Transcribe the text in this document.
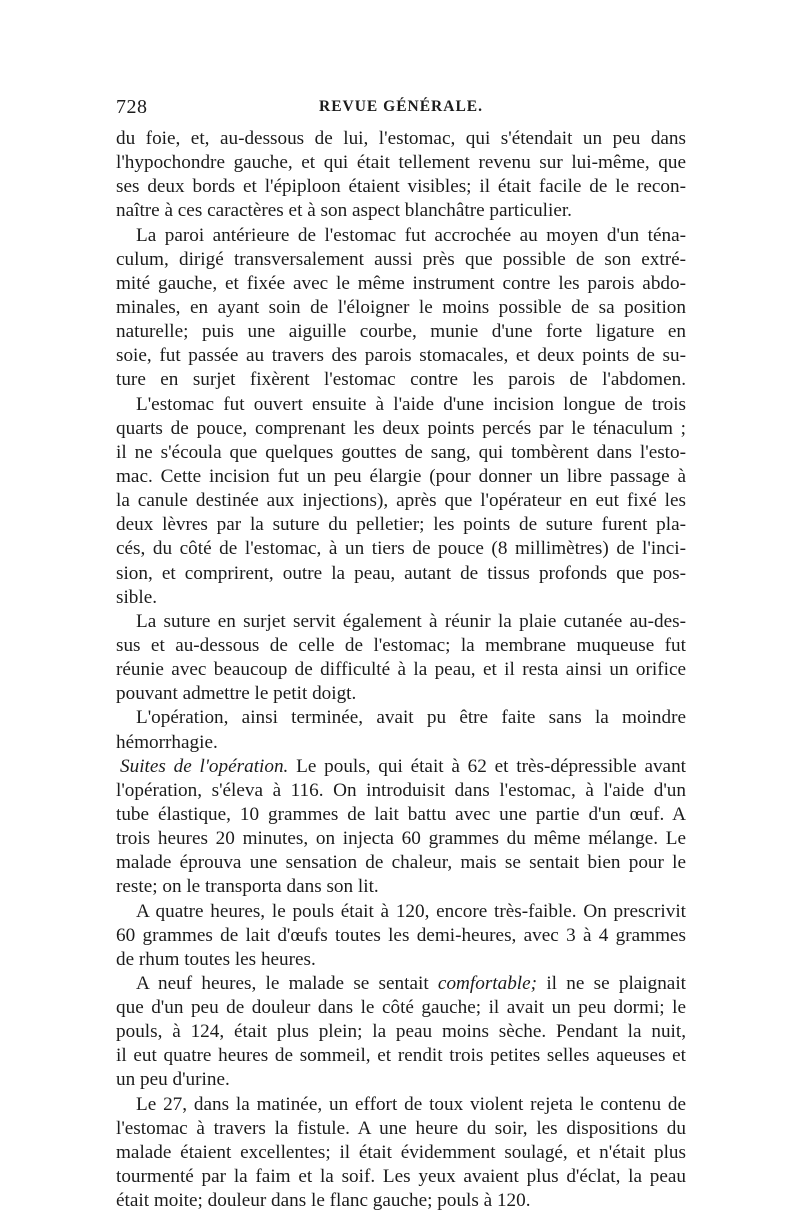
728	REVUE GÉNÉRALE.
du foie, et, au-dessous de lui, l'estomac, qui s'étendait un peu dans
l'hypochondre gauche, et qui était tellement revenu sur lui-même, que
ses deux bords et l'épiploon étaient visibles; il était facile de le recon-
naître à ces caractères et à son aspect blanchâtre particulier.
La paroi antérieure de l'estomac fut accrochée au moyen d'un téna-
culum, dirigé transversalement aussi près que possible de son extré-
mité gauche, et fixée avec le même instrument contre les parois abdo-
minales, en ayant soin de l'éloigner le moins possible de sa position
naturelle; puis une aiguille courbe, munie d'une forte ligature en
soie, fut passée au travers des parois stomacales, et deux points de su-
ture en surjet fixèrent l'estomac contre les parois de l'abdomen.
L'estomac fut ouvert ensuite à l'aide d'une incision longue de trois
quarts de pouce, comprenant les deux points percés par le ténaculum ;
il ne s'écoula que quelques gouttes de sang, qui tombèrent dans l'esto-
mac. Cette incision fut un peu élargie (pour donner un libre passage à
la canule destinée aux injections), après que l'opérateur en eut fixé les
deux lèvres par la suture du pelletier; les points de suture furent pla-
cés, du côté de l'estomac, à un tiers de pouce (8 millimètres) de l'inci-
sion, et comprirent, outre la peau, autant de tissus profonds que pos-
sible.
La suture en surjet servit également à réunir la plaie cutanée au-des-
sus et au-dessous de celle de l'estomac; la membrane muqueuse fut
réunie avec beaucoup de difficulté à la peau, et il resta ainsi un orifice
pouvant admettre le petit doigt.
L'opération, ainsi terminée, avait pu être faite sans la moindre
hémorrhagie.
Suites de l'opération. Le pouls, qui était à 62 et très-dépressible avant
l'opération, s'éleva à 116. On introduisit dans l'estomac, à l'aide d'un
tube élastique, 10 grammes de lait battu avec une partie d'un œuf. A
trois heures 20 minutes, on injecta 60 grammes du même mélange. Le
malade éprouva une sensation de chaleur, mais se sentait bien pour le
reste; on le transporta dans son lit.
A quatre heures, le pouls était à 120, encore très-faible. On prescrivit
60 grammes de lait d'œufs toutes les demi-heures, avec 3 à 4 grammes
de rhum toutes les heures.
A neuf heures, le malade se sentait comfortable; il ne se plaignait
que d'un peu de douleur dans le côté gauche; il avait un peu dormi; le
pouls, à 124, était plus plein; la peau moins sèche. Pendant la nuit,
il eut quatre heures de sommeil, et rendit trois petites selles aqueuses et
un peu d'urine.
Le 27, dans la matinée, un effort de toux violent rejeta le contenu de
l'estomac à travers la fistule. A une heure du soir, les dispositions du
malade étaient excellentes; il était évidemment soulagé, et n'était plus
tourmenté par la faim et la soif. Les yeux avaient plus d'éclat, la peau
était moite; douleur dans le flanc gauche; pouls à 120.
